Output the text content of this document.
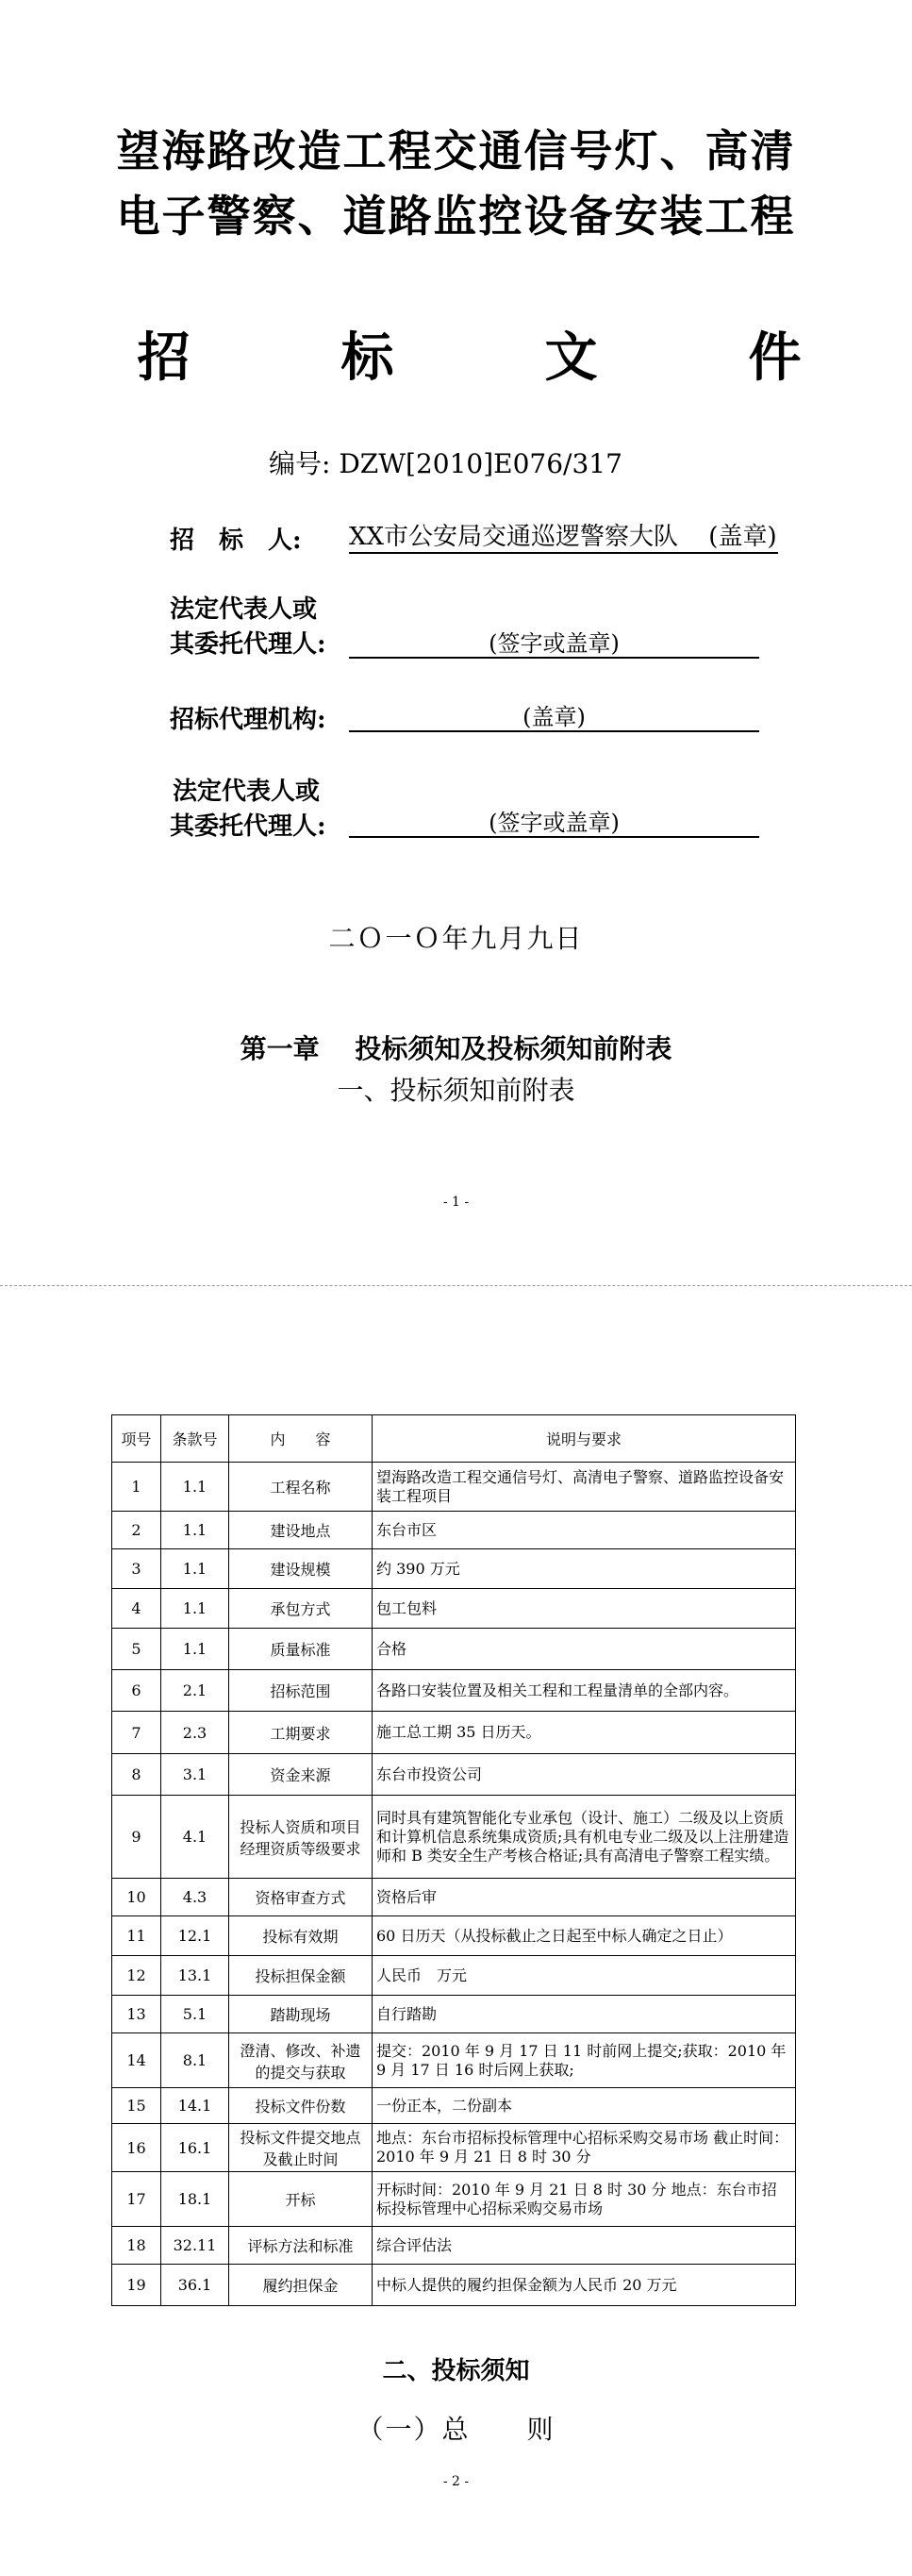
望海路改造工程交通信号灯、高清
电子警察、道路监控设备安装工程
招　标　文　件
编号: DZW[2010]E076/317
招　标　人: XX市公安局交通巡逻警察大队 (盖章)
法定代表人或
其委托代理人:	(签字或盖章)
招标代理机构:	(盖章)
法定代表人或
其委托代理人:	(签字或盖章)
二Ｏ一Ｏ年九月九日
第一章　 投标须知及投标须知前附表
一、投标须知前附表
- 1 -
项号	条款号	内　　容	说明与要求
1	1.1	工程名称	望海路改造工程交通信号灯、高清电子警察、道路监控设备安装工程项目
2	1.1	建设地点	东台市区
3	1.1	建设规模	约 390 万元
4	1.1	承包方式	包工包料
5	1.1	质量标准	合格
6	2.1	招标范围	各路口安装位置及相关工程和工程量清单的全部内容。
7	2.3	工期要求	施工总工期 35 日历天。
8	3.1	资金来源	东台市投资公司
9	4.1	投标人资质和项目经理资质等级要求	同时具有建筑智能化专业承包（设计、施工）二级及以上资质和计算机信息系统集成资质;具有机电专业二级及以上注册建造师和 B 类安全生产考核合格证;具有高清电子警察工程实绩。
10	4.3	资格审查方式	资格后审
11	12.1	投标有效期	60 日历天（从投标截止之日起至中标人确定之日止）
12	13.1	投标担保金额	人民币　万元
13	5.1	踏勘现场	自行踏勘
14	8.1	澄清、修改、补遗的提交与获取	提交：2010 年 9 月 17 日 11 时前网上提交;获取：2010 年 9 月 17 日 16 时后网上获取;
15	14.1	投标文件份数	一份正本，二份副本
16	16.1	投标文件提交地点及截止时间	地点：东台市招标投标管理中心招标采购交易市场 截止时间：2010 年 9 月 21 日 8 时 30 分
17	18.1	开标	开标时间：2010 年 9 月 21 日 8 时 30 分 地点：东台市招标投标管理中心招标采购交易市场
18	32.11	评标方法和标准	综合评估法
19	36.1	履约担保金	中标人提供的履约担保金额为人民币 20 万元
二、投标须知
（一）总　　则
- 2 -
